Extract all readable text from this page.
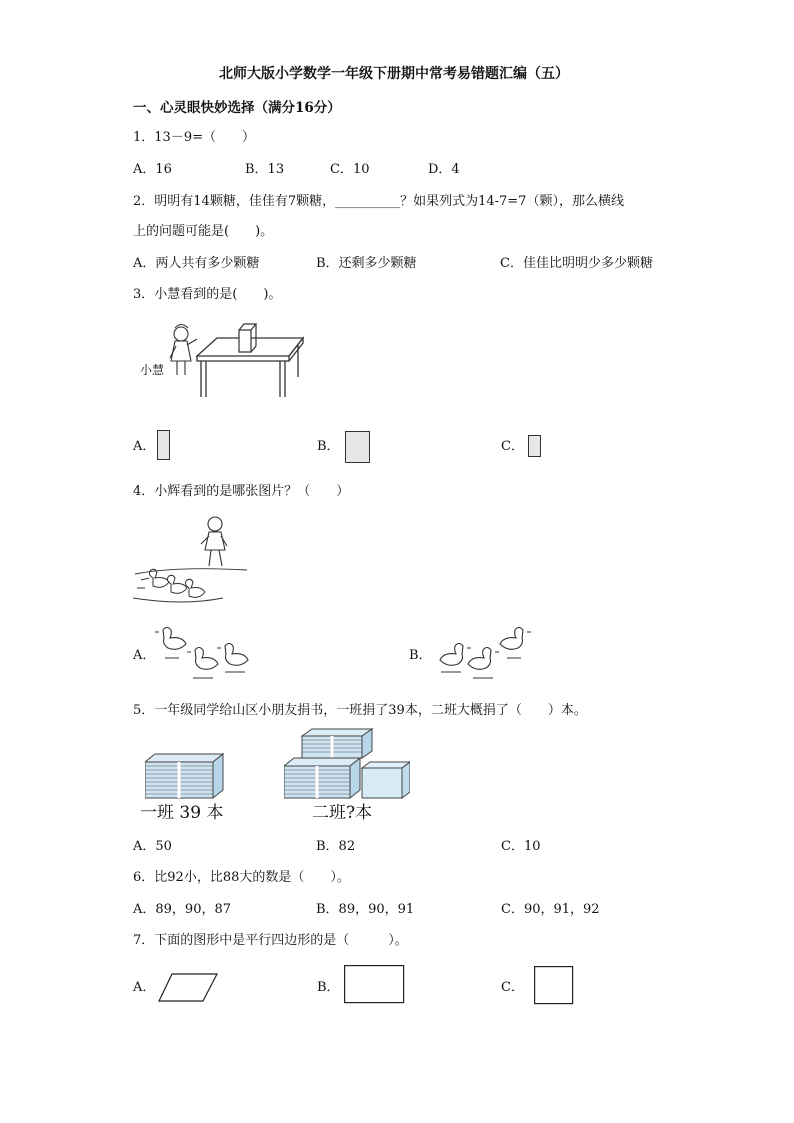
北师大版小学数学一年级下册期中常考易错题汇编（五）
一、心灵眼快妙选择（满分16分）
1．13－9=（　　）
A．16	B．13	C．10	D．4
2．明明有14颗糖，佳佳有7颗糖，__________？如果列式为14-7=7（颗），那么横线
上的问题可能是(　　)。
A．两人共有多少颗糖	B．还剩多少颗糖	C．佳佳比明明少多少颗糖
3．小慧看到的是(　　)。
小慧
A．	B．	C．
4．小辉看到的是哪张图片？（　　）
A．	B．
5．一年级同学给山区小朋友捐书，一班捐了39本，二班大概捐了（　　）本。
一班 39 本	二班?本
A．50	B．82	C．10
6．比92小，比88大的数是（　　）。
A．89，90，87	B．89，90，91	C．90，91，92
7．下面的图形中是平行四边形的是（　　　）。
A．	B．	C．
